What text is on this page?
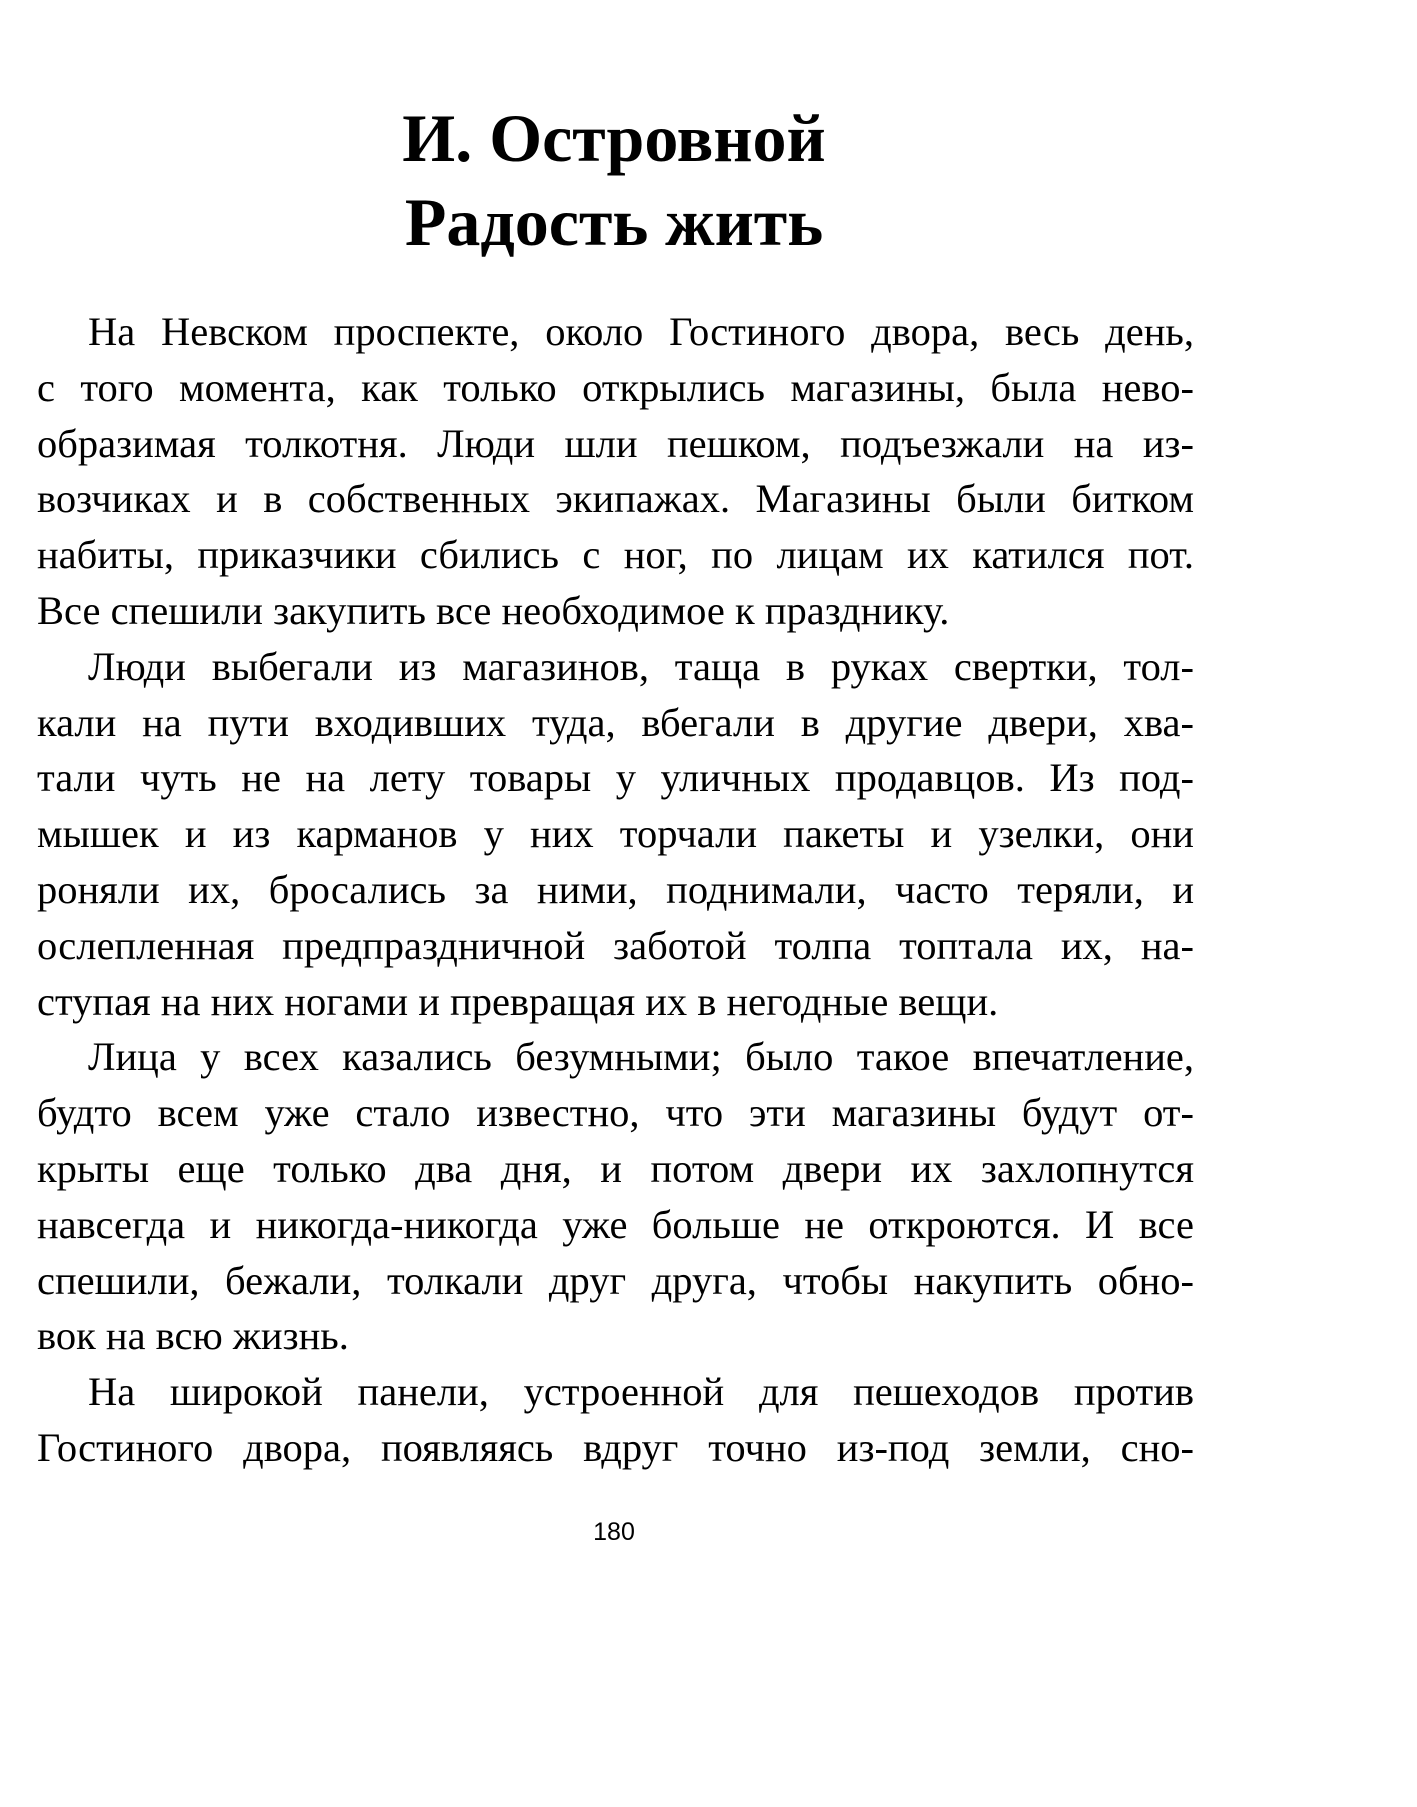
И. Островной
Радость жить
На Невском проспекте, около Гостиного двора, весь день,
с того момента, как только открылись магазины, была нево-
образимая толкотня. Люди шли пешком, подъезжали на из-
возчиках и в собственных экипажах. Магазины были битком
набиты, приказчики сбились с ног, по лицам их катился пот.
Все спешили закупить все необходимое к празднику.
Люди выбегали из магазинов, таща в руках свертки, тол-
кали на пути входивших туда, вбегали в другие двери, хва-
тали чуть не на лету товары у уличных продавцов. Из под-
мышек и из карманов у них торчали пакеты и узелки, они
роняли их, бросались за ними, поднимали, часто теряли, и
ослепленная предпраздничной заботой толпа топтала их, на-
ступая на них ногами и превращая их в негодные вещи.
Лица у всех казались безумными; было такое впечатление,
будто всем уже стало известно, что эти магазины будут от-
крыты еще только два дня, и потом двери их захлопнутся
навсегда и никогда-никогда уже больше не откроются. И все
спешили, бежали, толкали друг друга, чтобы накупить обно-
вок на всю жизнь.
На широкой панели, устроенной для пешеходов против
Гостиного двора, появляясь вдруг точно из-под земли, сно-
180
